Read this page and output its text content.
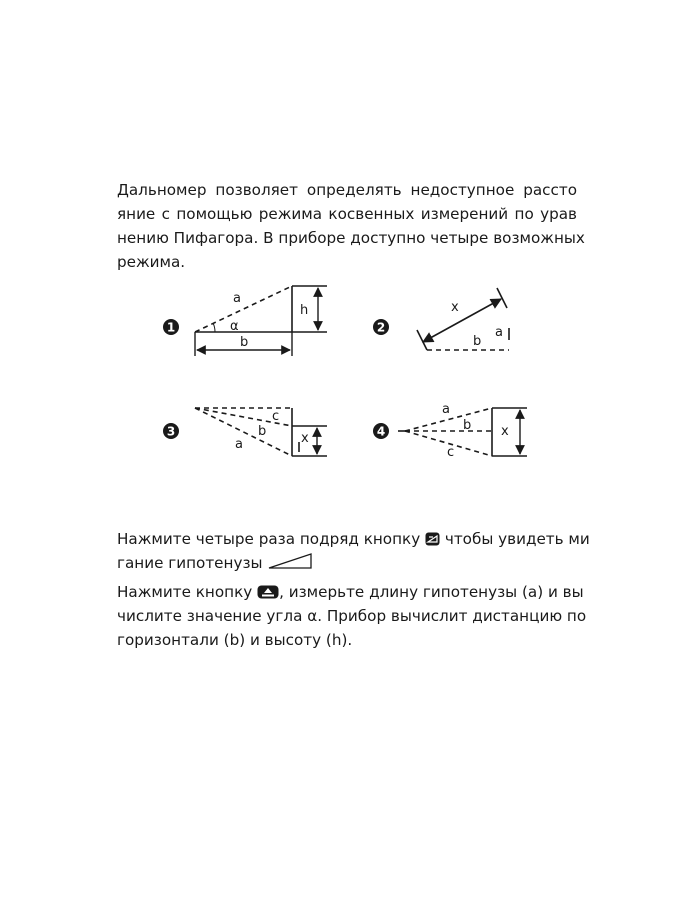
Дальномер позволяет определять недоступное рассто
яние с помощью режима косвенных измерений по урав
нению Пифагора. В приборе доступно четыре возможных
режима.

1
a
α
h
b
2
x
a
b
3
c
b
a	x	4
a
b
c
x

Нажмите четыре раза подряд кнопку чтобы увидеть ми
гание гипотенузы

Нажмите кнопку , измерьте длину гипотенузы (a) и вы
числите значение угла α. Прибор вычислит дистанцию по
горизонтали (b) и высоту (h).
